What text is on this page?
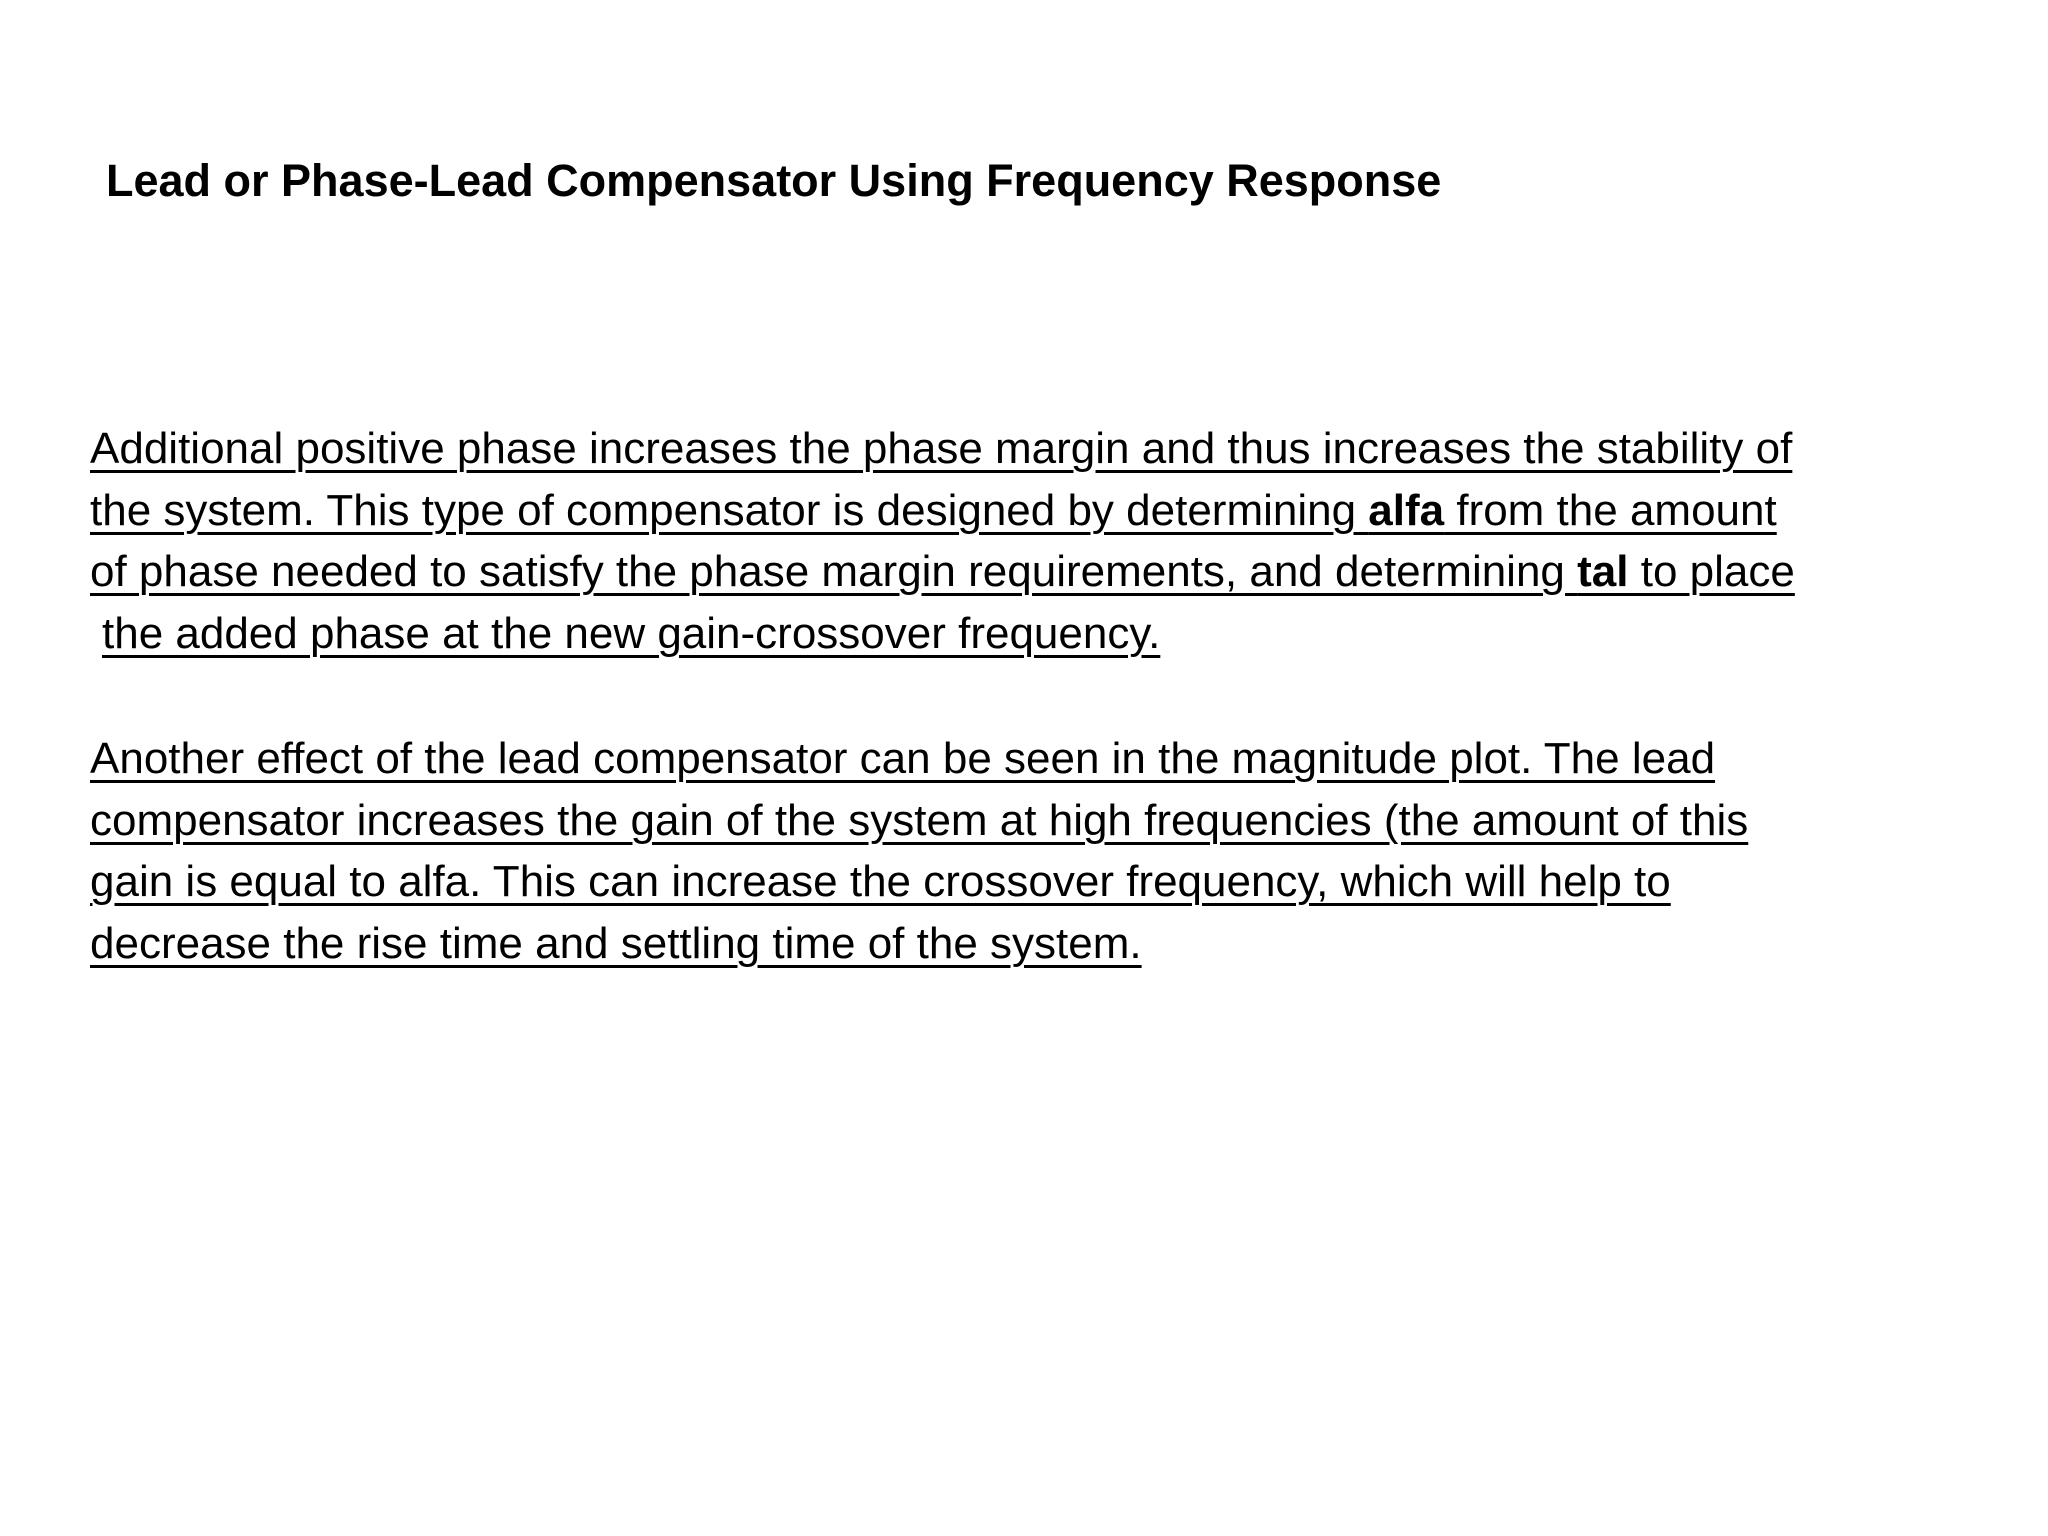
Lead or Phase-Lead Compensator Using Frequency Response
Additional positive phase increases the phase margin and thus increases the stability of
the system. This type of compensator is designed by determining alfa from the amount
of phase needed to satisfy the phase margin requirements, and determining tal to place
the added phase at the new gain-crossover frequency.
Another effect of the lead compensator can be seen in the magnitude plot. The lead
compensator increases the gain of the system at high frequencies (the amount of this
gain is equal to alfa. This can increase the crossover frequency, which will help to
decrease the rise time and settling time of the system.
